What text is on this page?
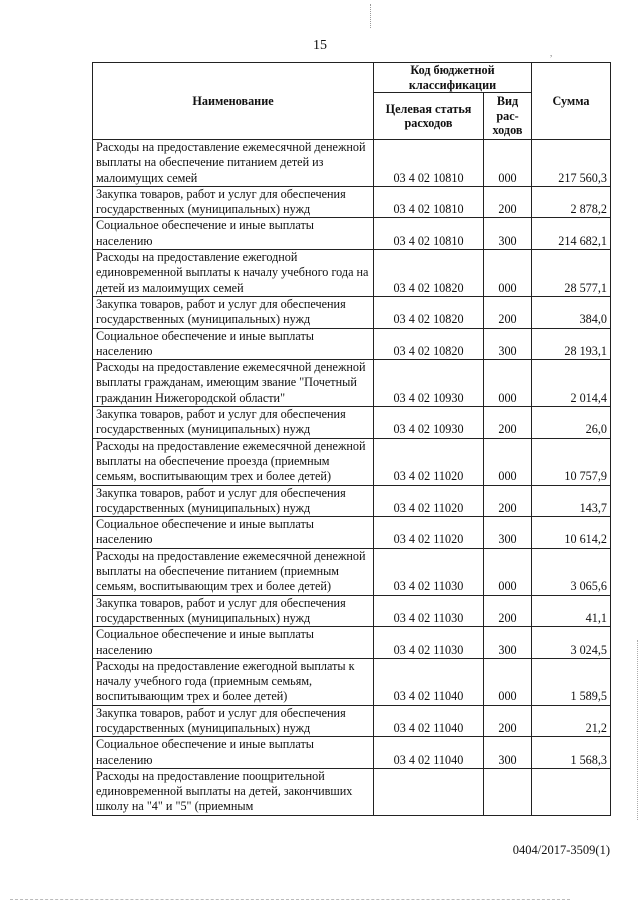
,
15
Наименование	Код бюджетной классификации		Сумма
	Целевая статья расходов	Вид рас-ходов	
Расходы на предоставление ежемесячной денежной выплаты на обеспечение питанием детей из малоимущих семей	03 4 02 10810	000	217 560,3
Закупка товаров, работ и услуг для обеспечения государственных (муниципальных) нужд	03 4 02 10810	200	2 878,2
Социальное обеспечение и иные выплаты населению	03 4 02 10810	300	214 682,1
Расходы на предоставление ежегодной единовременной выплаты к началу учебного года на детей из малоимущих семей	03 4 02 10820	000	28 577,1
Закупка товаров, работ и услуг для обеспечения государственных (муниципальных) нужд	03 4 02 10820	200	384,0
Социальное обеспечение и иные выплаты населению	03 4 02 10820	300	28 193,1
Расходы на предоставление ежемесячной денежной выплаты гражданам, имеющим звание "Почетный гражданин Нижегородской области"	03 4 02 10930	000	2 014,4
Закупка товаров, работ и услуг для обеспечения государственных (муниципальных) нужд	03 4 02 10930	200	26,0
Расходы на предоставление ежемесячной денежной выплаты на обеспечение проезда (приемным семьям, воспитывающим трех и более детей)	03 4 02 11020	000	10 757,9
Закупка товаров, работ и услуг для обеспечения государственных (муниципальных) нужд	03 4 02 11020	200	143,7
Социальное обеспечение и иные выплаты населению	03 4 02 11020	300	10 614,2
Расходы на предоставление ежемесячной денежной выплаты на обеспечение питанием (приемным семьям, воспитывающим трех и более детей)	03 4 02 11030	000	3 065,6
Закупка товаров, работ и услуг для обеспечения государственных (муниципальных) нужд	03 4 02 11030	200	41,1
Социальное обеспечение и иные выплаты населению	03 4 02 11030	300	3 024,5
Расходы на предоставление ежегодной выплаты к началу учебного года (приемным семьям, воспитывающим трех и более детей)	03 4 02 11040	000	1 589,5
Закупка товаров, работ и услуг для обеспечения государственных (муниципальных) нужд	03 4 02 11040	200	21,2
Социальное обеспечение и иные выплаты населению	03 4 02 11040	300	1 568,3
Расходы на предоставление поощрительной единовременной выплаты на детей, закончивших школу на "4" и "5" (приемным			
0404/2017-3509(1)
